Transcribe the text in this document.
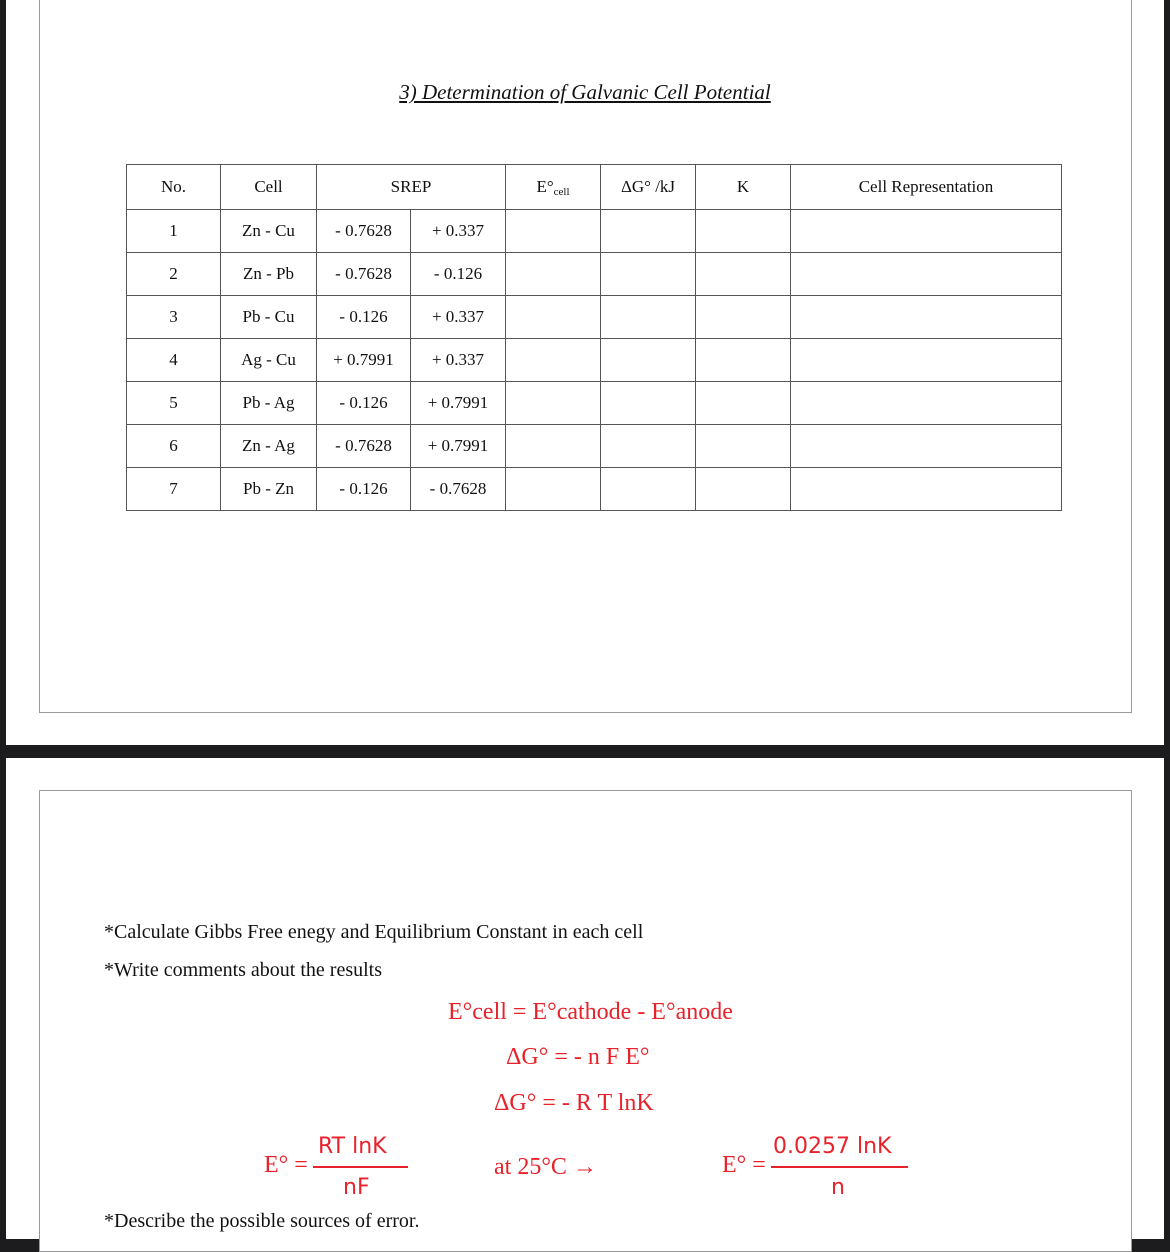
3) Determination of Galvanic Cell Potential
No.	Cell	SREP		$E^\circ_{cell}$	ΔG° /kJ	K	Cell Representation
1	Zn - Cu	- 0.7628	+ 0.337				
2	Zn - Pb	- 0.7628	- 0.126				
3	Pb - Cu	- 0.126	+ 0.337				
4	Ag - Cu	+ 0.7991	+ 0.337				
5	Pb - Ag	- 0.126	+ 0.7991				
6	Zn - Ag	- 0.7628	+ 0.7991				
7	Pb - Zn	- 0.126	- 0.7628				
*Calculate Gibbs Free enegy and Equilibrium Constant in each cell
*Write comments about the results
E°cell = E°cathode - E°anode
ΔG° = - n F E°
ΔG° = - R T lnK
E° =
RT lnK
nF
at 25°C →	E° =
0.0257 lnK
n
*Describe the possible sources of error.
